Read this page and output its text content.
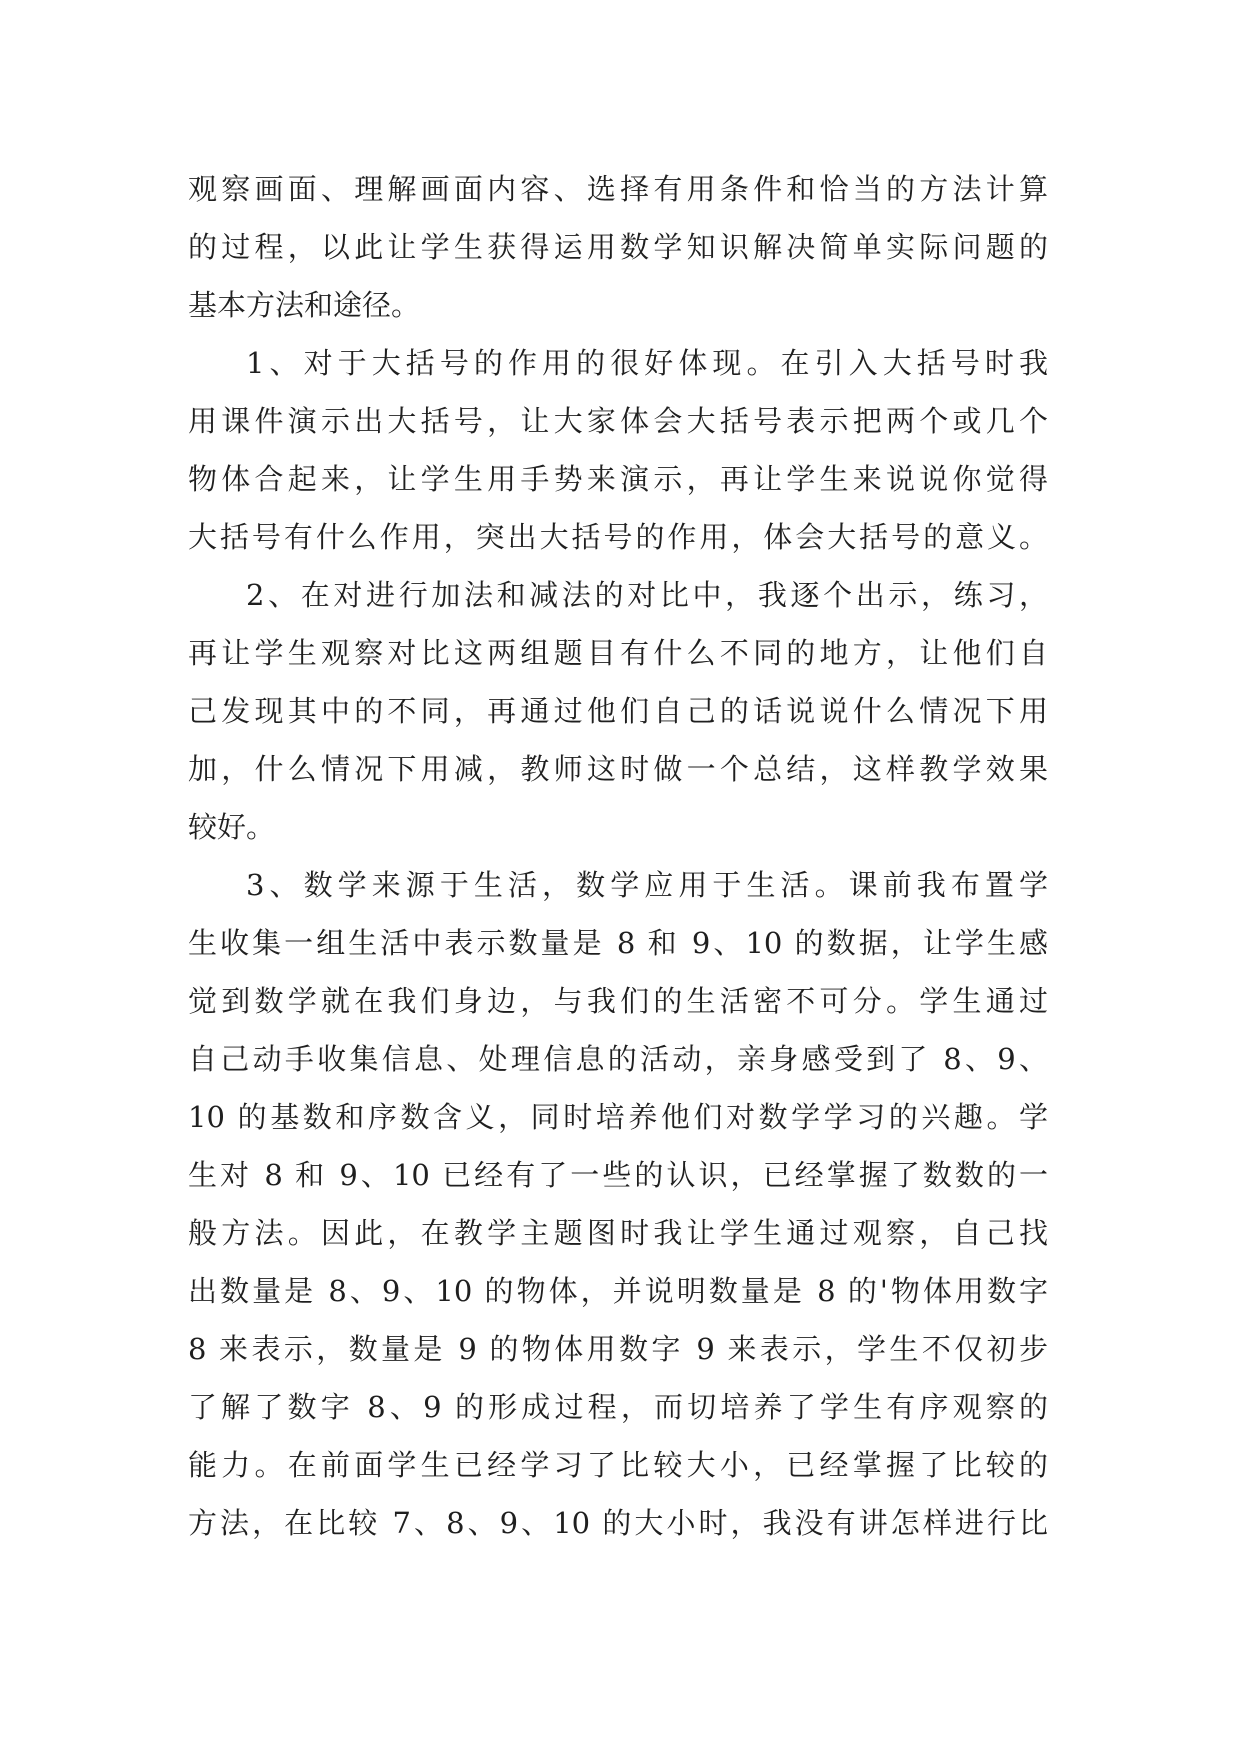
观察画面、理解画面内容、选择有用条件和恰当的方法计算
的过程，以此让学生获得运用数学知识解决简单实际问题的
基本方法和途径。
1、对于大括号的作用的很好体现。在引入大括号时我
用课件演示出大括号，让大家体会大括号表示把两个或几个
物体合起来，让学生用手势来演示，再让学生来说说你觉得
大括号有什么作用，突出大括号的作用，体会大括号的意义。
2、在对进行加法和减法的对比中，我逐个出示，练习，
再让学生观察对比这两组题目有什么不同的地方，让他们自
己发现其中的不同，再通过他们自己的话说说什么情况下用
加，什么情况下用减，教师这时做一个总结，这样教学效果
较好。
3、数学来源于生活，数学应用于生活。课前我布置学
生收集一组生活中表示数量是 8 和 9、10 的数据，让学生感
觉到数学就在我们身边，与我们的生活密不可分。学生通过
自己动手收集信息、处理信息的活动，亲身感受到了 8、9、
10 的基数和序数含义，同时培养他们对数学学习的兴趣。学
生对 8 和 9、10 已经有了一些的认识，已经掌握了数数的一
般方法。因此，在教学主题图时我让学生通过观察，自己找
出数量是 8、9、10 的物体，并说明数量是 8 的'物体用数字
8 来表示，数量是 9 的物体用数字 9 来表示，学生不仅初步
了解了数字 8、9 的形成过程，而切培养了学生有序观察的
能力。在前面学生已经学习了比较大小，已经掌握了比较的
方法，在比较 7、8、9、10 的大小时，我没有讲怎样进行比
